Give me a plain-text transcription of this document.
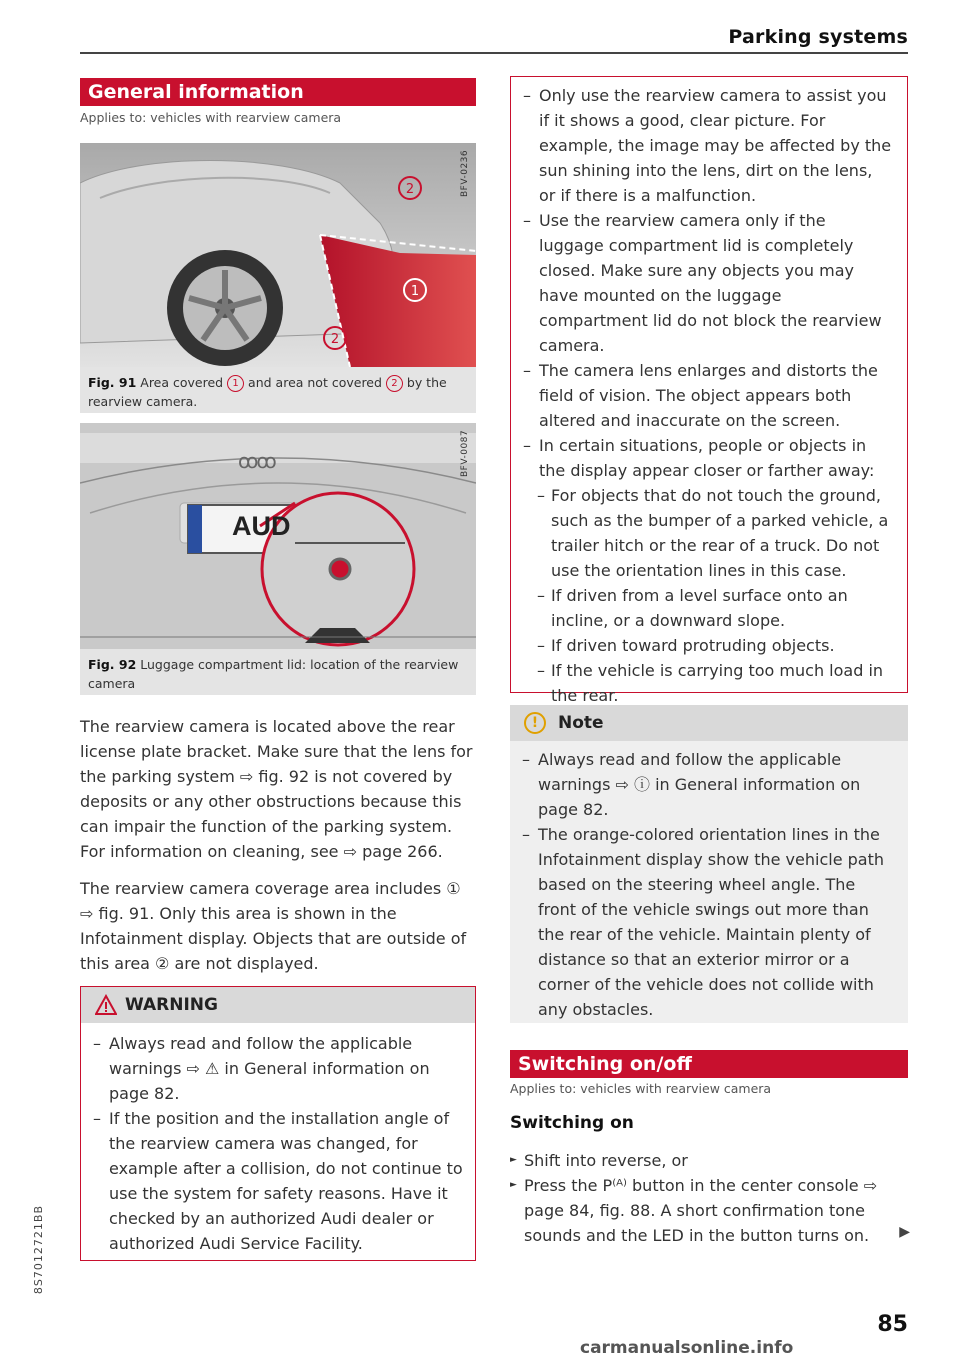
Parking systems
General information
Applies to: vehicles with rearview camera
2
1
2
BFV-0236
Fig. 91 Area covered 1 and area not covered 2 by the rearview camera.
ꝏꝏ
AUD
BFV-0087
Fig. 92 Luggage compartment lid: location of the rearview camera
The rearview camera is located above the rear license plate bracket. Make sure that the lens for the parking system ⇨ fig. 92 is not covered by deposits or any other obstructions because this can impair the function of the parking system. For information on cleaning, see ⇨ page 266.
The rearview camera coverage area includes ① ⇨ fig. 91. Only this area is shown in the Infotainment display. Objects that are outside of this area ② are not displayed.
WARNING
– Always read and follow the applicable warnings ⇨ ⚠ in General information on page 82.
– If the position and the installation angle of the rearview camera was changed, for example after a collision, do not continue to use the system for safety reasons. Have it checked by an authorized Audi dealer or authorized Audi Service Facility.
– Only use the rearview camera to assist you if it shows a good, clear picture. For example, the image may be affected by the sun shining into the lens, dirt on the lens, or if there is a malfunction.
– Use the rearview camera only if the luggage compartment lid is completely closed. Make sure any objects you may have mounted on the luggage compartment lid do not block the rearview camera.
– The camera lens enlarges and distorts the field of vision. The object appears both altered and inaccurate on the screen.
– In certain situations, people or objects in the display appear closer or farther away:
– For objects that do not touch the ground, such as the bumper of a parked vehicle, a trailer hitch or the rear of a truck. Do not use the orientation lines in this case.
– If driven from a level surface onto an incline, or a downward slope.
– If driven toward protruding objects.
– If the vehicle is carrying too much load in the rear.
!	Note
– Always read and follow the applicable warnings ⇨ ⓘ in General information on page 82.
– The orange-colored orientation lines in the Infotainment display show the vehicle path based on the steering wheel angle. The front of the vehicle swings out more than the rear of the vehicle. Maintain plenty of distance so that an exterior mirror or a corner of the vehicle does not collide with any obstacles.
Switching on/off
Applies to: vehicles with rearview camera
Switching on
► Shift into reverse, or
► Press the P⁽ᴬ⁾ button in the center console ⇨ page 84, fig. 88. A short confirmation tone sounds and the LED in the button turns on.	▶
85
8S7012721BB
carmanualsonline.info
